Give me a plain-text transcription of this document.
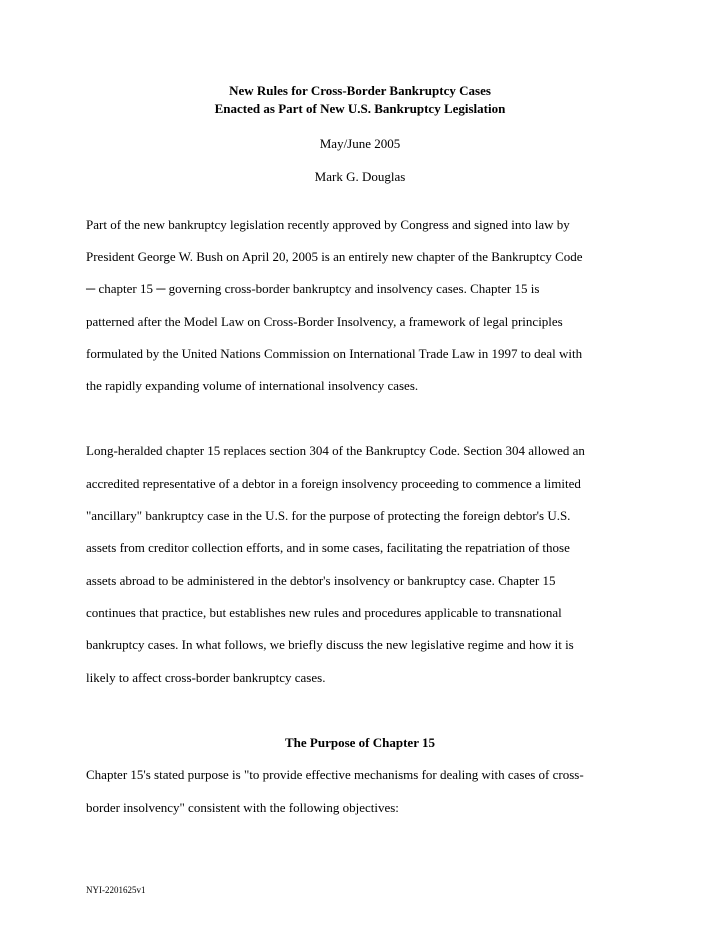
New Rules for Cross-Border Bankruptcy Cases
Enacted as Part of New U.S. Bankruptcy Legislation
May/June 2005
Mark G. Douglas
Part of the new bankruptcy legislation recently approved by Congress and signed into law by
President George W. Bush on April 20, 2005 is an entirely new chapter of the Bankruptcy Code
─ chapter 15 ─ governing cross-border bankruptcy and insolvency cases. Chapter 15 is
patterned after the Model Law on Cross-Border Insolvency, a framework of legal principles
formulated by the United Nations Commission on International Trade Law in 1997 to deal with
the rapidly expanding volume of international insolvency cases.
Long-heralded chapter 15 replaces section 304 of the Bankruptcy Code. Section 304 allowed an
accredited representative of a debtor in a foreign insolvency proceeding to commence a limited
"ancillary" bankruptcy case in the U.S. for the purpose of protecting the foreign debtor's U.S.
assets from creditor collection efforts, and in some cases, facilitating the repatriation of those
assets abroad to be administered in the debtor's insolvency or bankruptcy case. Chapter 15
continues that practice, but establishes new rules and procedures applicable to transnational
bankruptcy cases. In what follows, we briefly discuss the new legislative regime and how it is
likely to affect cross-border bankruptcy cases.
The Purpose of Chapter 15
Chapter 15's stated purpose is "to provide effective mechanisms for dealing with cases of cross-
border insolvency" consistent with the following objectives:
NYI-2201625v1
